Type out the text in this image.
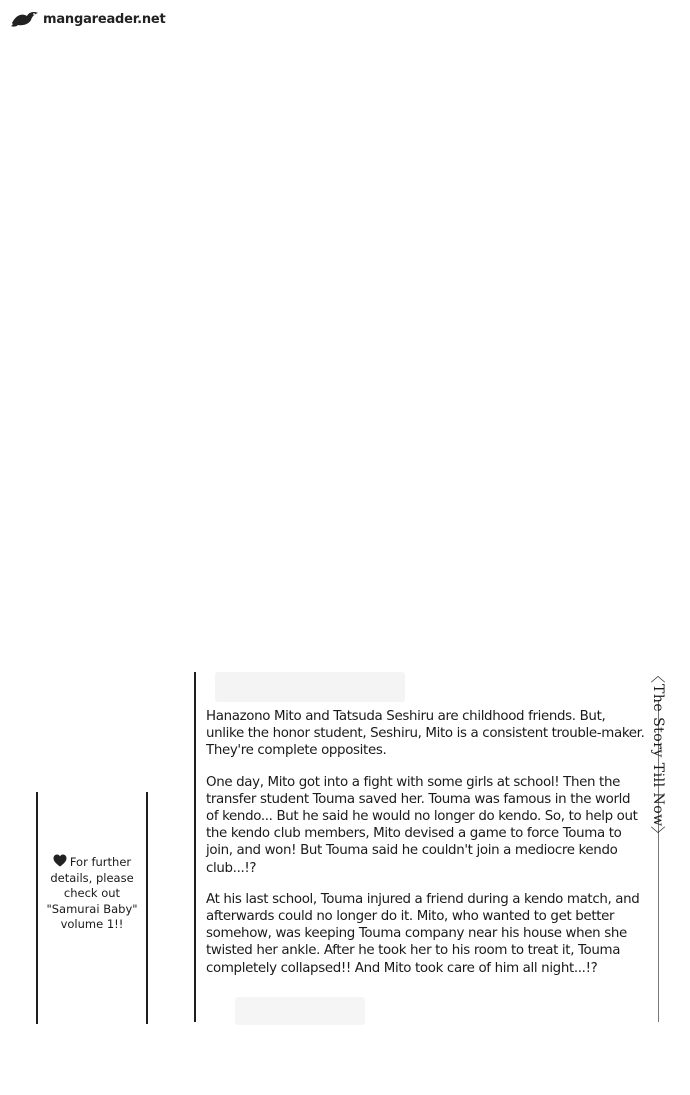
mangareader.net
For further details, please check out "Samurai Baby" volume 1!!

Hanazono Mito and Tatsuda Seshiru are childhood friends. But, unlike the honor student, Seshiru, Mito is a consistent trouble-maker. They're complete opposites.

One day, Mito got into a fight with some girls at school! Then the transfer student Touma saved her. Touma was famous in the world of kendo... But he said he would no longer do kendo. So, to help out the kendo club members, Mito devised a game to force Touma to join, and won! But Touma said he couldn't join a mediocre kendo club...!?

At his last school, Touma injured a friend during a kendo match, and afterwards could no longer do it. Mito, who wanted to get better somehow, was keeping Touma company near his house when she twisted her ankle. After he took her to his room to treat it, Touma completely collapsed!! And Mito took care of him all night...!?

〈
The Story Till Now
〉
